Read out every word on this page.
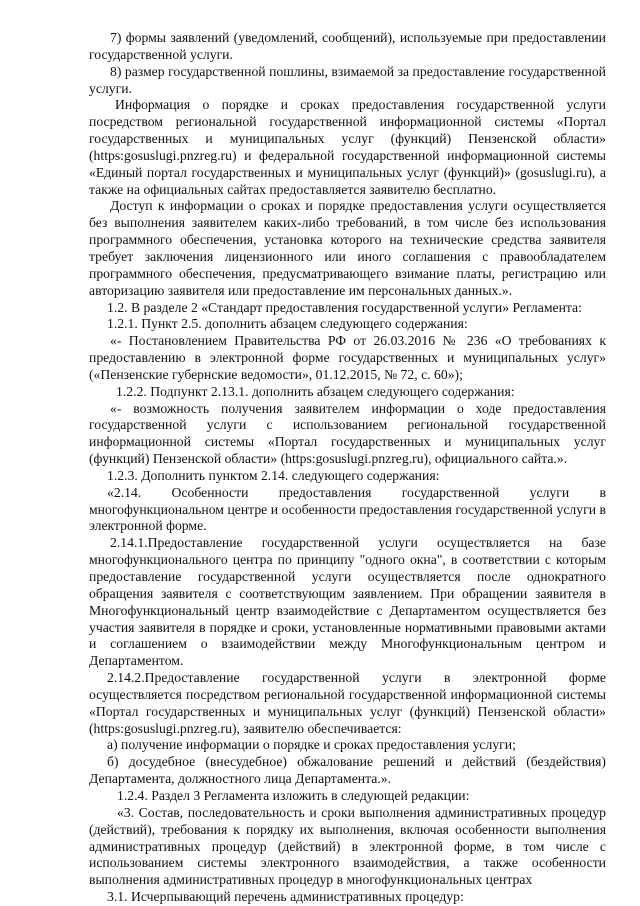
7) формы заявлений (уведомлений, сообщений), используемые при предоставлении государственной услуги.

8) размер государственной пошлины, взимаемой за предоставление государственной услуги.

Информация о порядке и сроках предоставления государственной услуги посредством региональной государственной информационной системы «Портал государственных и муниципальных услуг (функций) Пензенской области» (https:gosuslugi.pnzreg.ru) и федеральной государственной информационной системы «Единый портал государственных и муниципальных услуг (функций)» (gosuslugi.ru), а также на официальных сайтах предоставляется заявителю бесплатно.

Доступ к информации о сроках и порядке предоставления услуги осуществляется без выполнения заявителем каких-либо требований, в том числе без использования программного обеспечения, установка которого на технические средства заявителя требует заключения лицензионного или иного соглашения с правообладателем программного обеспечения, предусматривающего взимание платы, регистрацию или авторизацию заявителя или предоставление им персональных данных.».

1.2. В разделе 2 «Стандарт предоставления государственной услуги» Регламента:

1.2.1. Пункт 2.5. дополнить абзацем следующего содержания:

«- Постановлением Правительства РФ от 26.03.2016 № 236 «О требованиях к предоставлению в электронной форме государственных и муниципальных услуг» («Пензенские губернские ведомости», 01.12.2015, № 72, с. 60»);

1.2.2. Подпункт 2.13.1. дополнить абзацем следующего содержания:

«- возможность получения заявителем информации о ходе предоставления государственной услуги с использованием региональной государственной информационной системы «Портал государственных и муниципальных услуг (функций) Пензенской области» (https:gosuslugi.pnzreg.ru), официального сайта.».

1.2.3. Дополнить пунктом 2.14. следующего содержания:

«2.14. Особенности предоставления государственной услуги в многофункциональном центре и особенности предоставления государственной услуги в электронной форме.

2.14.1.Предоставление государственной услуги осуществляется на базе многофункционального центра по принципу "одного окна", в соответствии с которым предоставление государственной услуги осуществляется после однократного обращения заявителя с соответствующим заявлением. При обращении заявителя в Многофункциональный центр взаимодействие с Департаментом осуществляется без участия заявителя в порядке и сроки, установленные нормативными правовыми актами и соглашением о взаимодействии между Многофункциональным центром и Департаментом.

2.14.2.Предоставление государственной услуги в электронной форме осуществляется посредством региональной государственной информационной системы «Портал государственных и муниципальных услуг (функций) Пензенской области» (https:gosuslugi.pnzreg.ru), заявителю обеспечивается:

а) получение информации о порядке и сроках предоставления услуги;

б) досудебное (внесудебное) обжалование решений и действий (бездействия) Департамента, должностного лица Департамента.».

1.2.4. Раздел 3 Регламента изложить в следующей редакции:

«3. Состав, последовательность и сроки выполнения административных процедур (действий), требования к порядку их выполнения, включая особенности выполнения административных процедур (действий) в электронной форме, в том числе с использованием системы электронного взаимодействия, а также особенности выполнения административных процедур в многофункциональных центрах

3.1. Исчерпывающий перечень административных процедур:
